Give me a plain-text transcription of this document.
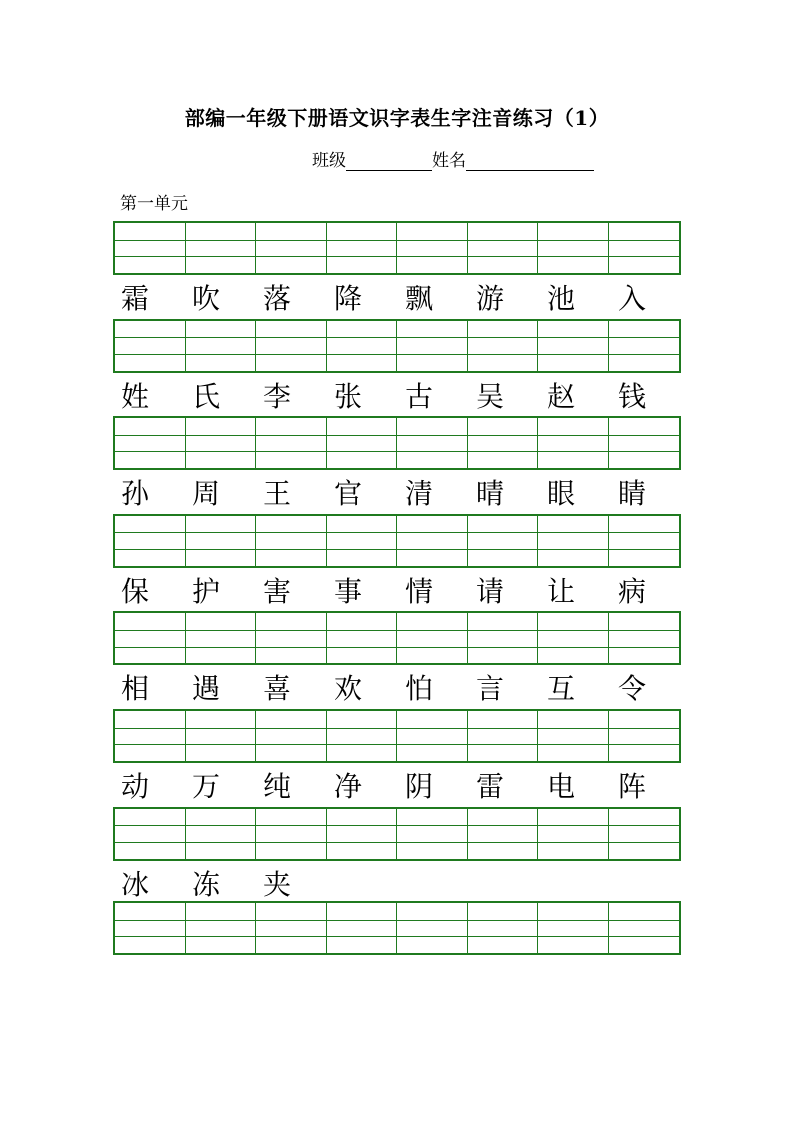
部编一年级下册语文识字表生字注音练习（1）
班级	姓名
第一单元
霜	吹	落	降	飘	游	池	入
姓	氏	李	张	古	吴	赵	钱
孙	周	王	官	清	晴	眼	睛
保	护	害	事	情	请	让	病
相	遇	喜	欢	怕	言	互	令
动	万	纯	净	阴	雷	电	阵
冰	冻	夹
